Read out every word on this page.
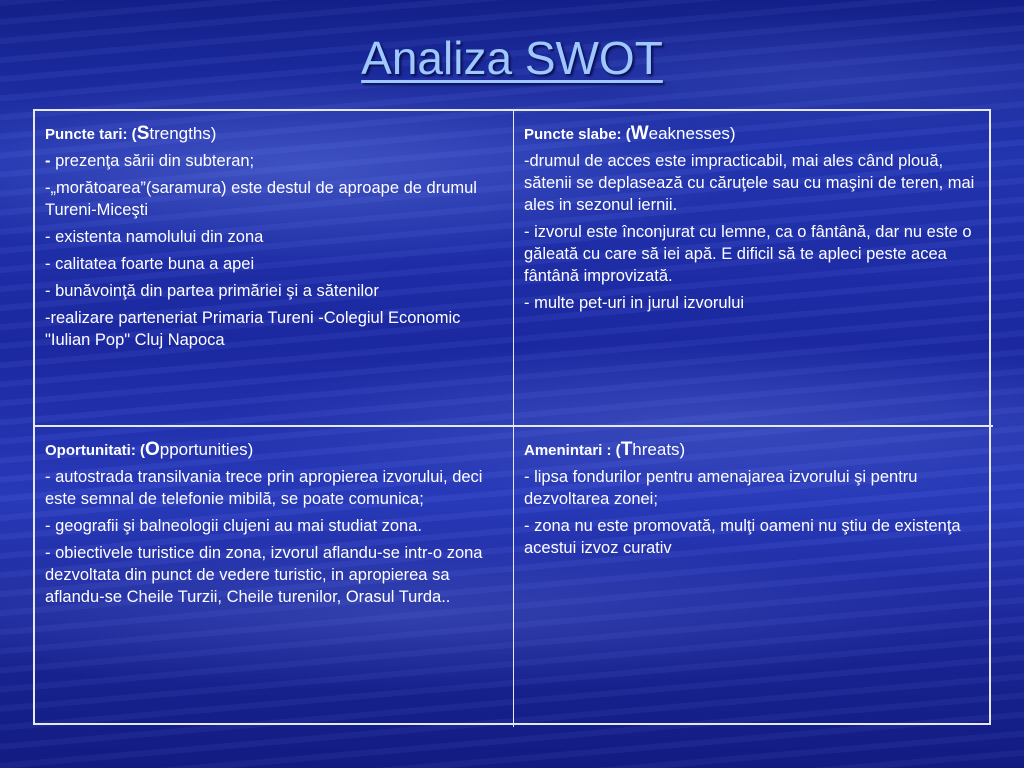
Analiza SWOT
Puncte tari: (Strengths)
- prezenţa sării din subteran;
-„morătoarea”(saramura) este destul de aproape de drumul Tureni-Miceşti
- existenta namolului din zona
- calitatea foarte buna a apei
- bunăvoinţă din partea primăriei şi a sătenilor
-realizare parteneriat Primaria Tureni -Colegiul Economic "Iulian Pop" Cluj Napoca
Puncte slabe: (Weaknesses)
-drumul de acces este impracticabil, mai ales când plouă, sătenii se deplasează cu căruţele sau cu maşini de teren, mai ales in sezonul iernii.
- izvorul este înconjurat cu lemne, ca o fântână, dar nu este o găleată cu care să iei apă. E dificil să te apleci peste acea fântână improvizată.
- multe pet-uri in jurul izvorului
Oportunitati: (Opportunities)
- autostrada transilvania trece prin apropierea izvorului, deci este semnal de telefonie mibilă, se poate comunica;
- geografii şi balneologii clujeni au mai studiat zona.
- obiectivele turistice din zona, izvorul aflandu-se intr-o zona dezvoltata din punct de vedere turistic, in apropierea sa aflandu-se Cheile Turzii, Cheile turenilor, Orasul Turda..
Amenintari : (Threats)
- lipsa fondurilor pentru amenajarea izvorului şi pentru dezvoltarea zonei;
- zona nu este promovată, mulţi oameni nu ştiu de existenţa acestui izvoz curativ
